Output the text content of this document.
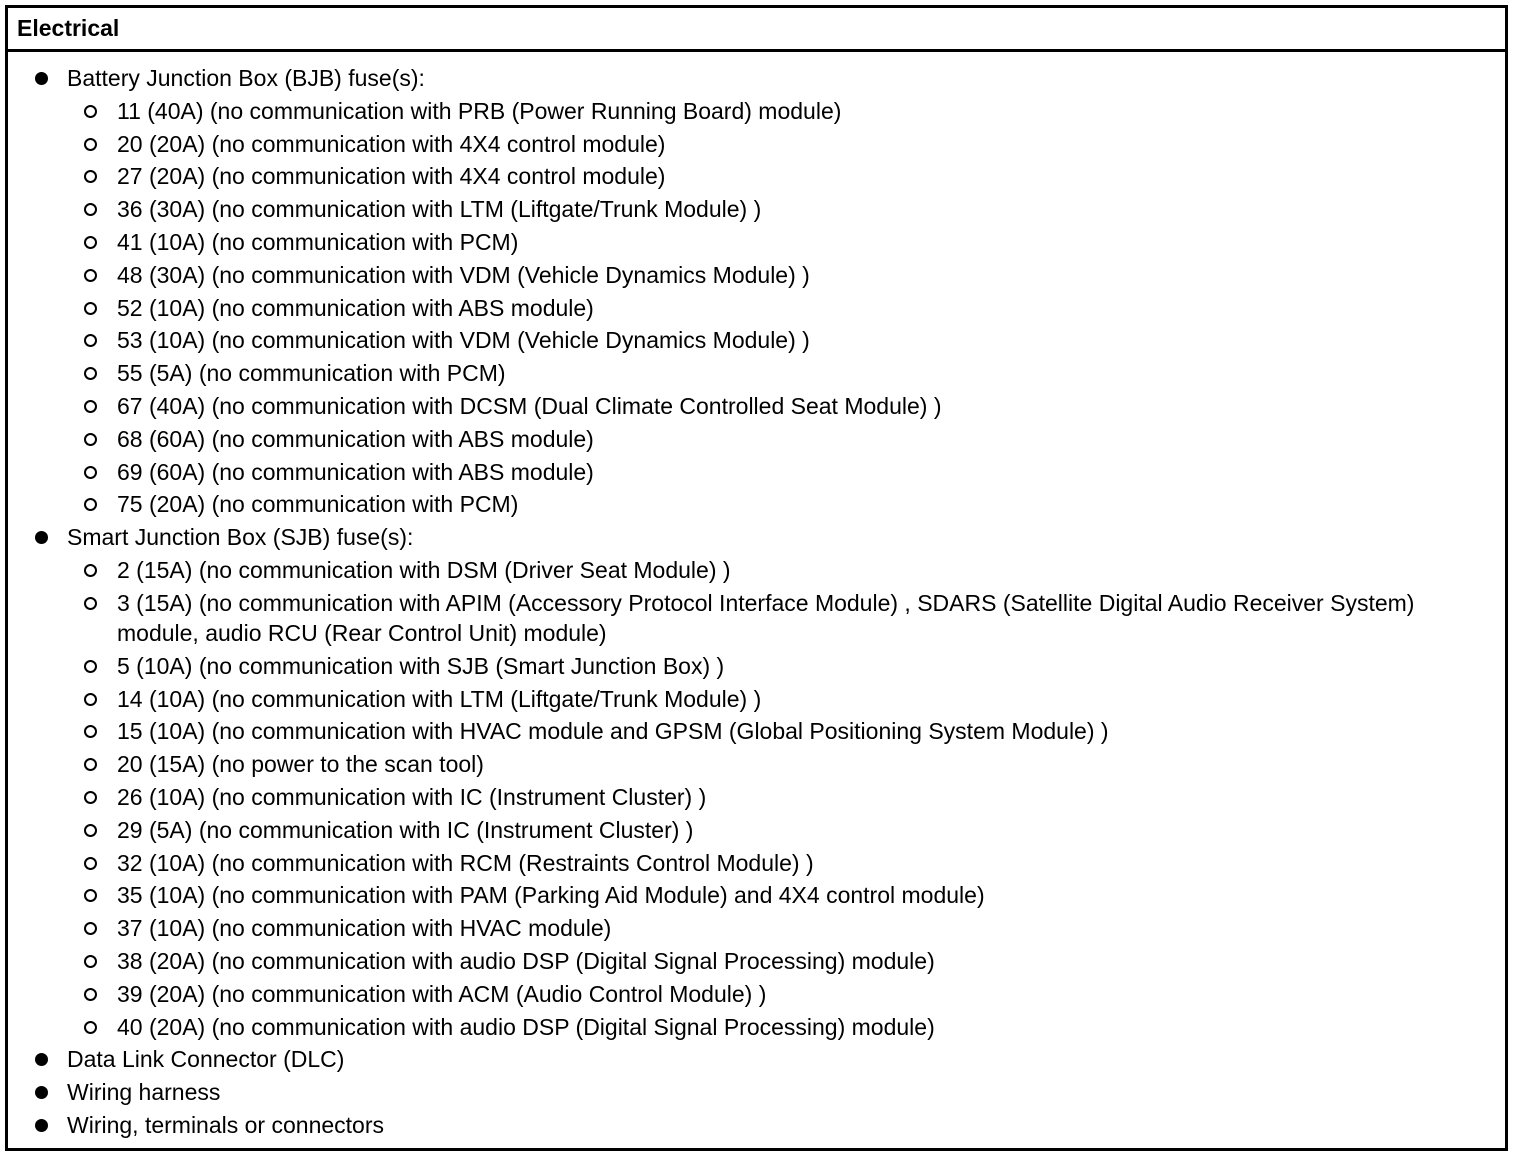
Electrical
Battery Junction Box (BJB) fuse(s):
11 (40A) (no communication with PRB (Power Running Board) module)
20 (20A) (no communication with 4X4 control module)
27 (20A) (no communication with 4X4 control module)
36 (30A) (no communication with LTM (Liftgate/Trunk Module) )
41 (10A) (no communication with PCM)
48 (30A) (no communication with VDM (Vehicle Dynamics Module) )
52 (10A) (no communication with ABS module)
53 (10A) (no communication with VDM (Vehicle Dynamics Module) )
55 (5A) (no communication with PCM)
67 (40A) (no communication with DCSM (Dual Climate Controlled Seat Module) )
68 (60A) (no communication with ABS module)
69 (60A) (no communication with ABS module)
75 (20A) (no communication with PCM)
Smart Junction Box (SJB) fuse(s):
2 (15A) (no communication with DSM (Driver Seat Module) )
3 (15A) (no communication with APIM (Accessory Protocol Interface Module) , SDARS (Satellite Digital Audio Receiver System) module, audio RCU (Rear Control Unit) module)
5 (10A) (no communication with SJB (Smart Junction Box) )
14 (10A) (no communication with LTM (Liftgate/Trunk Module) )
15 (10A) (no communication with HVAC module and GPSM (Global Positioning System Module) )
20 (15A) (no power to the scan tool)
26 (10A) (no communication with IC (Instrument Cluster) )
29 (5A) (no communication with IC (Instrument Cluster) )
32 (10A) (no communication with RCM (Restraints Control Module) )
35 (10A) (no communication with PAM (Parking Aid Module) and 4X4 control module)
37 (10A) (no communication with HVAC module)
38 (20A) (no communication with audio DSP (Digital Signal Processing) module)
39 (20A) (no communication with ACM (Audio Control Module) )
40 (20A) (no communication with audio DSP (Digital Signal Processing) module)
Data Link Connector (DLC)
Wiring harness
Wiring, terminals or connectors
